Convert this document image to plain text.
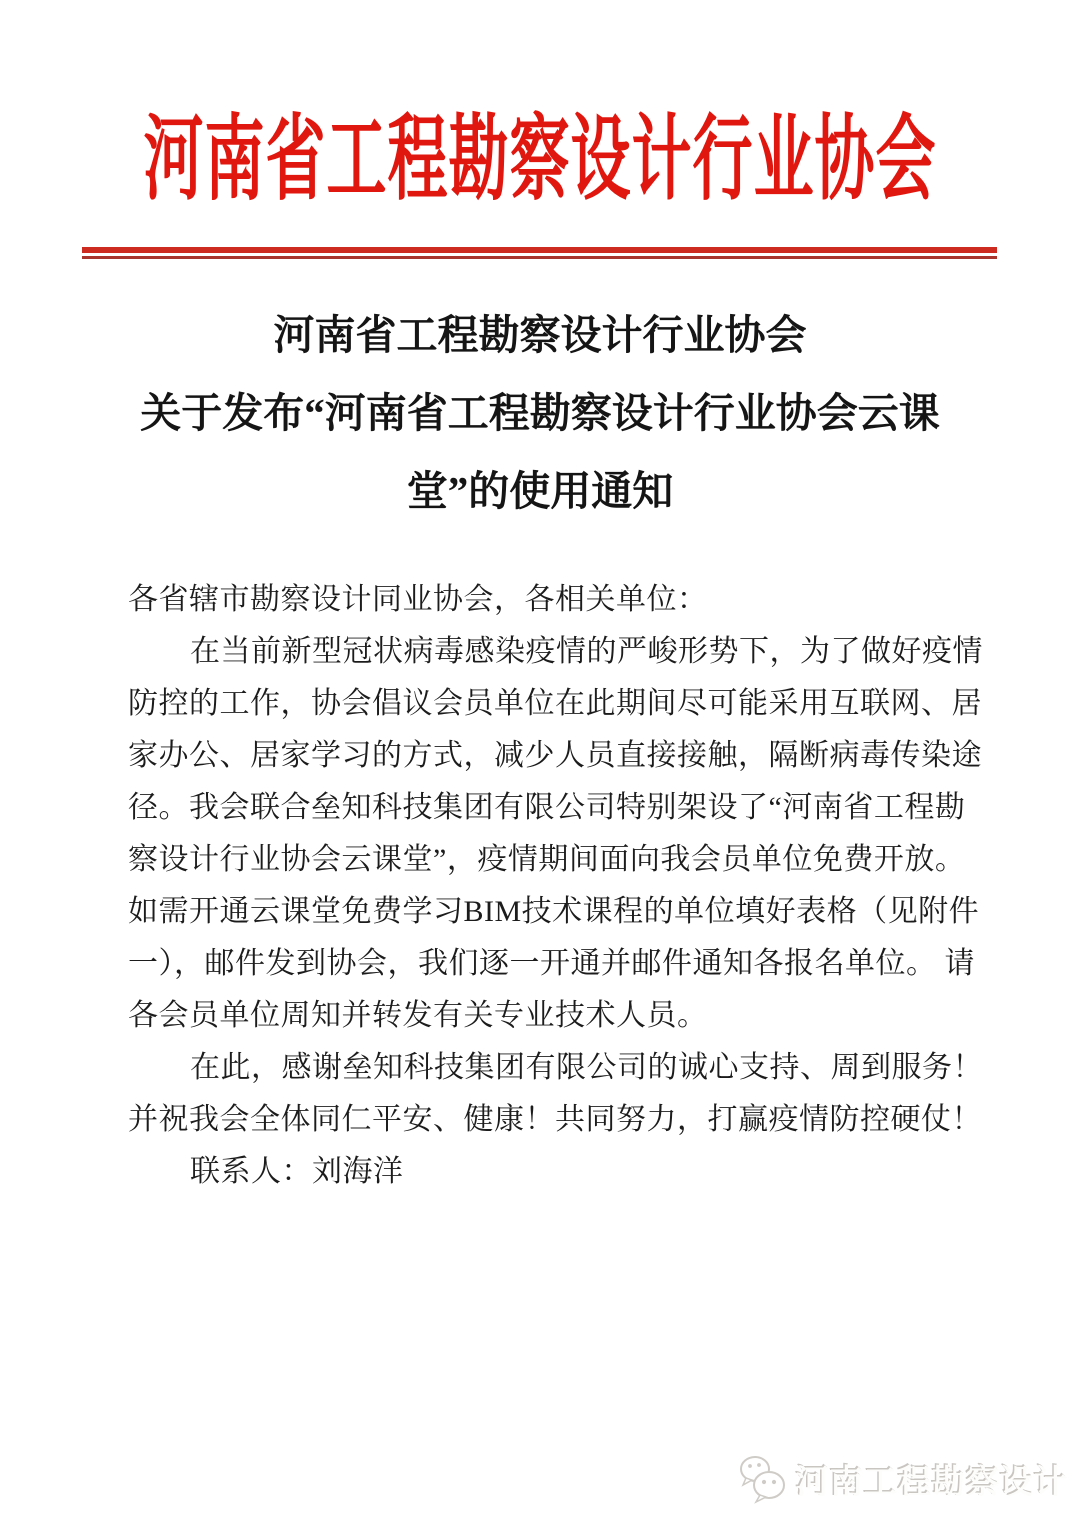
河南省工程勘察设计行业协会
河南省工程勘察设计行业协会
关于发布“河南省工程勘察设计行业协会云课
堂”的使用通知
各省辖市勘察设计同业协会，各相关单位：
在当前新型冠状病毒感染疫情的严峻形势下，为了做好疫情
防控的工作，协会倡议会员单位在此期间尽可能采用互联网、居
家办公、居家学习的方式，减少人员直接接触，隔断病毒传染途
径。我会联合垒知科技集团有限公司特别架设了“河南省工程勘
察设计行业协会云课堂”，疫情期间面向我会员单位免费开放。
如需开通云课堂免费学习BIM技术课程的单位填好表格（见附件
一），邮件发到协会，我们逐一开通并邮件通知各报名单位。 请
各会员单位周知并转发有关专业技术人员。
在此，感谢垒知科技集团有限公司的诚心支持、周到服务！
并祝我会全体同仁平安、健康！共同努力，打赢疫情防控硬仗！
联系人：刘海洋
河南工程勘察设计
